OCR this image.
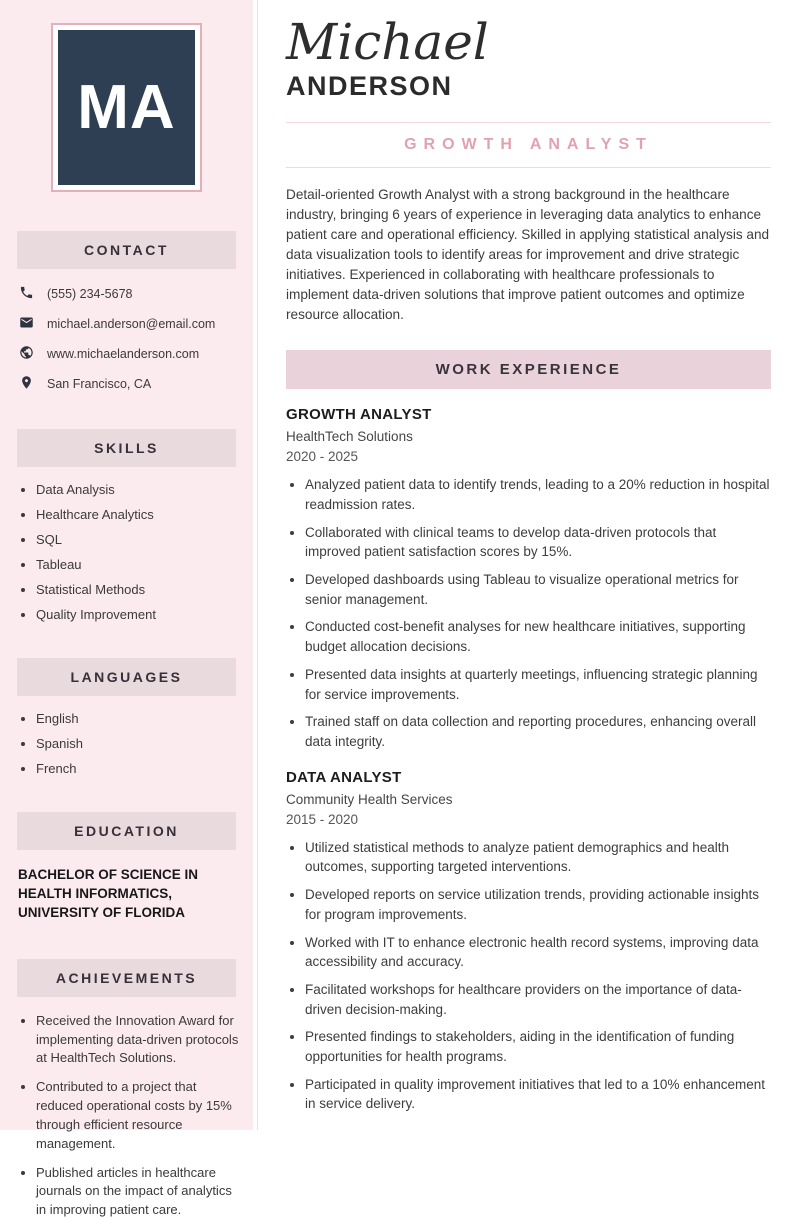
MA
CONTACT
(555) 234-5678
michael.anderson@email.com
www.michaelanderson.com
San Francisco, CA
SKILLS
• Data Analysis
• Healthcare Analytics
• SQL
• Tableau
• Statistical Methods
• Quality Improvement
LANGUAGES
• English
• Spanish
• French
EDUCATION
BACHELOR OF SCIENCE IN HEALTH INFORMATICS, UNIVERSITY OF FLORIDA
ACHIEVEMENTS
• Received the Innovation Award for implementing data-driven protocols at HealthTech Solutions.
• Contributed to a project that reduced operational costs by 15% through efficient resource management.
• Published articles in healthcare journals on the impact of analytics in improving patient care.
Michael
ANDERSON
GROWTH ANALYST
Detail-oriented Growth Analyst with a strong background in the healthcare industry, bringing 6 years of experience in leveraging data analytics to enhance patient care and operational efficiency. Skilled in applying statistical analysis and data visualization tools to identify areas for improvement and drive strategic initiatives. Experienced in collaborating with healthcare professionals to implement data-driven solutions that improve patient outcomes and optimize resource allocation.
WORK EXPERIENCE
GROWTH ANALYST
HealthTech Solutions
2020 - 2025
• Analyzed patient data to identify trends, leading to a 20% reduction in hospital readmission rates.
• Collaborated with clinical teams to develop data-driven protocols that improved patient satisfaction scores by 15%.
• Developed dashboards using Tableau to visualize operational metrics for senior management.
• Conducted cost-benefit analyses for new healthcare initiatives, supporting budget allocation decisions.
• Presented data insights at quarterly meetings, influencing strategic planning for service improvements.
• Trained staff on data collection and reporting procedures, enhancing overall data integrity.
DATA ANALYST
Community Health Services
2015 - 2020
• Utilized statistical methods to analyze patient demographics and health outcomes, supporting targeted interventions.
• Developed reports on service utilization trends, providing actionable insights for program improvements.
• Worked with IT to enhance electronic health record systems, improving data accessibility and accuracy.
• Facilitated workshops for healthcare providers on the importance of data-driven decision-making.
• Presented findings to stakeholders, aiding in the identification of funding opportunities for health programs.
• Participated in quality improvement initiatives that led to a 10% enhancement in service delivery.
